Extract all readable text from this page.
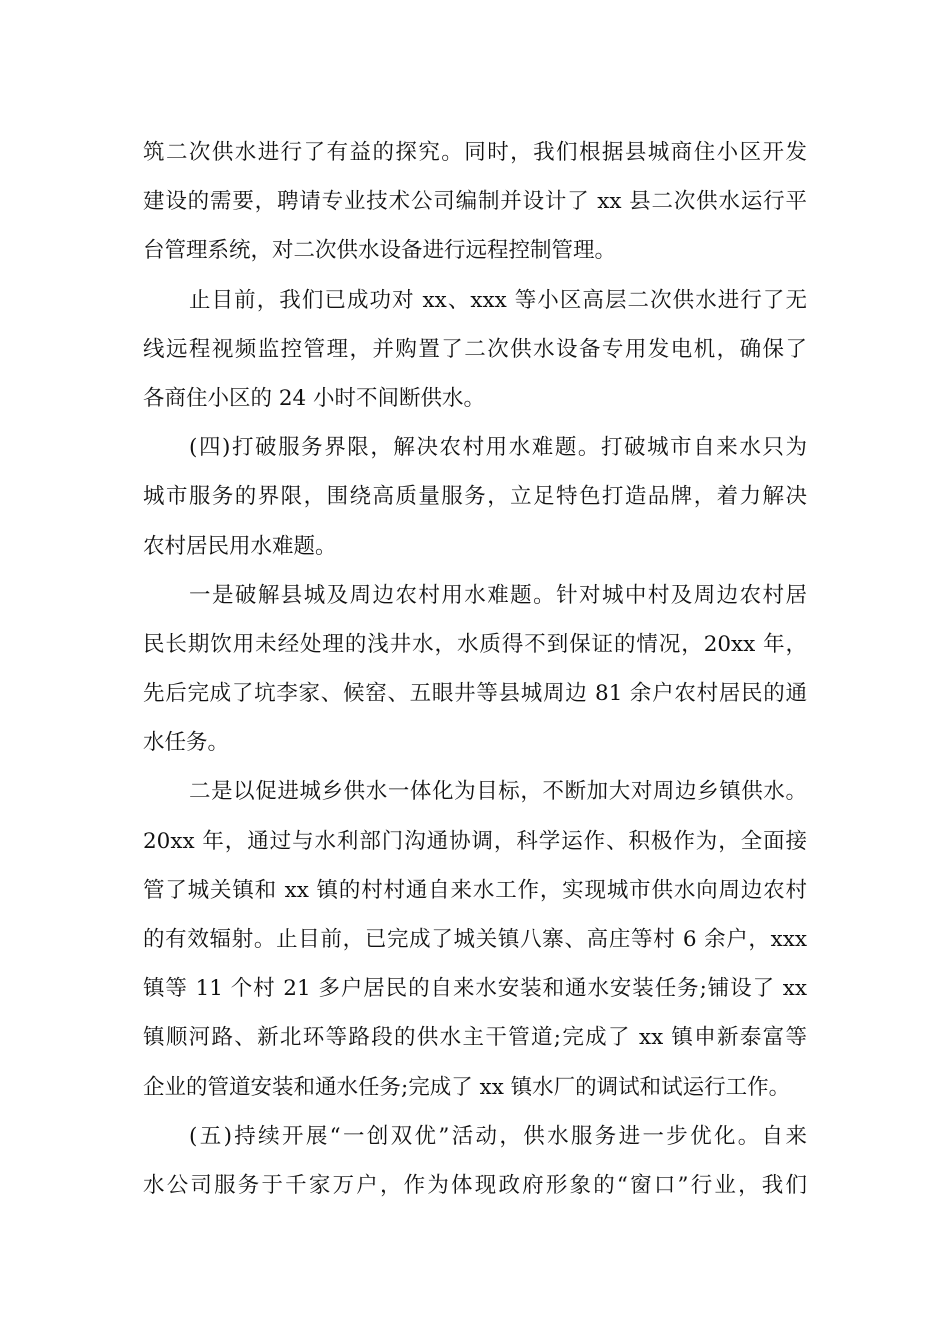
筑二次供水进行了有益的探究。同时，我们根据县城商住小区开发
建设的需要，聘请专业技术公司编制并设计了 xx 县二次供水运行平
台管理系统，对二次供水设备进行远程控制管理。
止目前，我们已成功对 xx、xxx 等小区高层二次供水进行了无
线远程视频监控管理，并购置了二次供水设备专用发电机，确保了
各商住小区的 24 小时不间断供水。
(四)打破服务界限，解决农村用水难题。打破城市自来水只为
城市服务的界限，围绕高质量服务，立足特色打造品牌，着力解决
农村居民用水难题。
一是破解县城及周边农村用水难题。针对城中村及周边农村居
民长期饮用未经处理的浅井水，水质得不到保证的情况，20xx 年，
先后完成了坑李家、候窑、五眼井等县城周边 81 余户农村居民的通
水任务。
二是以促进城乡供水一体化为目标，不断加大对周边乡镇供水。
20xx 年，通过与水利部门沟通协调，科学运作、积极作为，全面接
管了城关镇和 xx 镇的村村通自来水工作，实现城市供水向周边农村
的有效辐射。止目前，已完成了城关镇八寨、高庄等村 6 余户，xxx
镇等 11 个村 21 多户居民的自来水安装和通水安装任务;铺设了 xx
镇顺河路、新北环等路段的供水主干管道;完成了 xx 镇申新泰富等
企业的管道安装和通水任务;完成了 xx 镇水厂的调试和试运行工作。
(五)持续开展“一创双优”活动，供水服务进一步优化。自来
水公司服务于千家万户，作为体现政府形象的“窗口”行业，我们
